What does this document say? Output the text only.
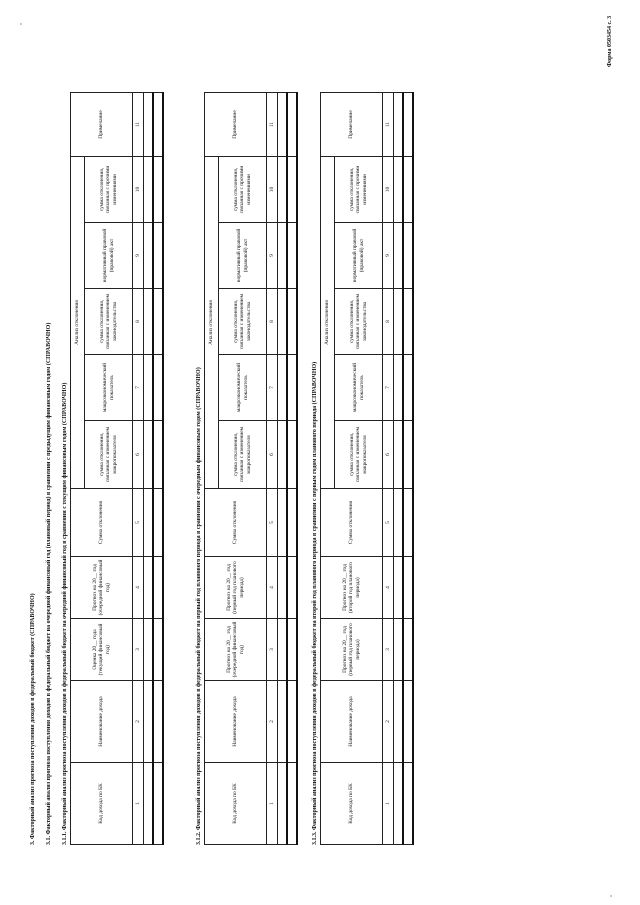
Форма 0503454 с. 3
3. Факторный анализ прогноза поступления доходов в федеральный бюджет (СПРАВОЧНО) 3.1. Факторный анализ прогноза поступления доходов в федеральный бюджет на очередной финансовый год (плановый период) в сравнении с предыдущим финансовым годом (СПРАВОЧНО) 3.1.1. Факторный анализ прогноза поступления доходов в федеральный бюджет на очередной финансовый год в сравнении с текущим финансовым годом (СПРАВОЧНО)	Код дохода по БК	Наименование дохода	Оценка 20__ года (текущий финансовый год)	Прогноз на 20__ год (очередной финансовый год)	Сумма отклонения	Анализ отклонения					Примечание
					сумма отклонения, связанная с изменением макропоказателя	макроэкономический показатель	сумма отклонения, связанная с изменением законодательства	нормативный правовой (правовой) акт	сумма отклонения, связанная с прочими изменениями	
1	2	3	4	5	6	7	8	9	10	11

3.1.2. Факторный анализ прогноза поступления доходов в федеральный бюджет на первый год планового периода в сравнении с очередным финансовым годом (СПРАВОЧНО)	Код дохода по БК	Наименование дохода	Прогноз на 20__ год (очередной финансовый год)	Прогноз на 20__ год (первый год планового периода)	Сумма отклонения	Анализ отклонения					Примечание
					сумма отклонения, связанная с изменением макропоказателя	макроэкономический показатель	сумма отклонения, связанная с изменением законодательства	нормативный правовой (правовой) акт	сумма отклонения, связанная с прочими изменениями	
1	2	3	4	5	6	7	8	9	10	11

3.1.3. Факторный анализ прогноза поступления доходов в федеральный бюджет на второй год планового периода в сравнении с первым годом планового периода (СПРАВОЧНО)	Код дохода по БК	Наименование дохода	Прогноз на 20__ год (первый год планового периода)	Прогноз на 20__ год (второй год планового периода)	Сумма отклонения	Анализ отклонения					Примечание
					сумма отклонения, связанная с изменением макропоказателя	макроэкономический показатель	сумма отклонения, связанная с изменением законодательства	нормативный правовой (правовой) акт	сумма отклонения, связанная с прочими изменениями	
1	2	3	4	5	6	7	8	9	10	11
